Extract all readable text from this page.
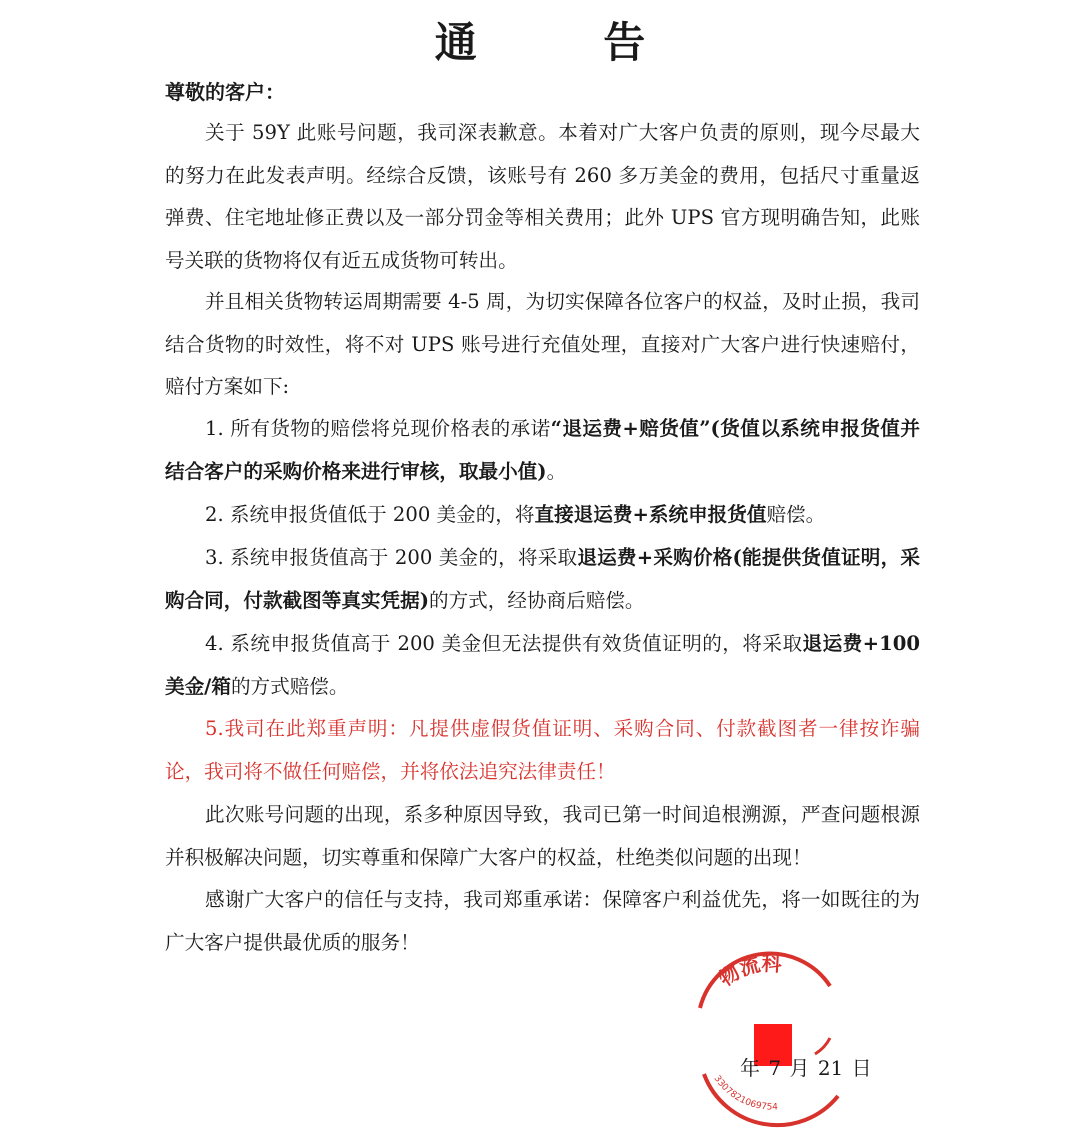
通 告
尊敬的客户：

关于 59Y 此账号问题，我司深表歉意。本着对广大客户负责的原则，现今尽最大的努力在此发表声明。经综合反馈，该账号有 260 多万美金的费用，包括尺寸重量返弹费、住宅地址修正费以及一部分罚金等相关费用；此外 UPS 官方现明确告知，此账号关联的货物将仅有近五成货物可转出。

并且相关货物转运周期需要 4-5 周，为切实保障各位客户的权益，及时止损，我司结合货物的时效性，将不对 UPS 账号进行充值处理，直接对广大客户进行快速赔付，赔付方案如下:

1. 所有货物的赔偿将兑现价格表的承诺“退运费+赔货值”(货值以系统申报货值并结合客户的采购价格来进行审核，取最小值)。

2. 系统申报货值低于 200 美金的，将直接退运费+系统申报货值赔偿。

3. 系统申报货值高于 200 美金的，将采取退运费+采购价格(能提供货值证明，采购合同，付款截图等真实凭据)的方式，经协商后赔偿。

4. 系统申报货值高于 200 美金但无法提供有效货值证明的，将采取退运费+100 美金/箱的方式赔偿。

5.我司在此郑重声明：凡提供虚假货值证明、采购合同、付款截图者一律按诈骗论，我司将不做任何赔偿，并将依法追究法律责任！

此次账号问题的出现，系多种原因导致，我司已第一时间追根溯源，严查问题根源并积极解决问题，切实尊重和保障广大客户的权益，杜绝类似问题的出现！

感谢广大客户的信任与支持，我司郑重承诺：保障客户利益优先，将一如既往的为广大客户提供最优质的服务！

物流科
3307821069754
年 7 月 21 日
